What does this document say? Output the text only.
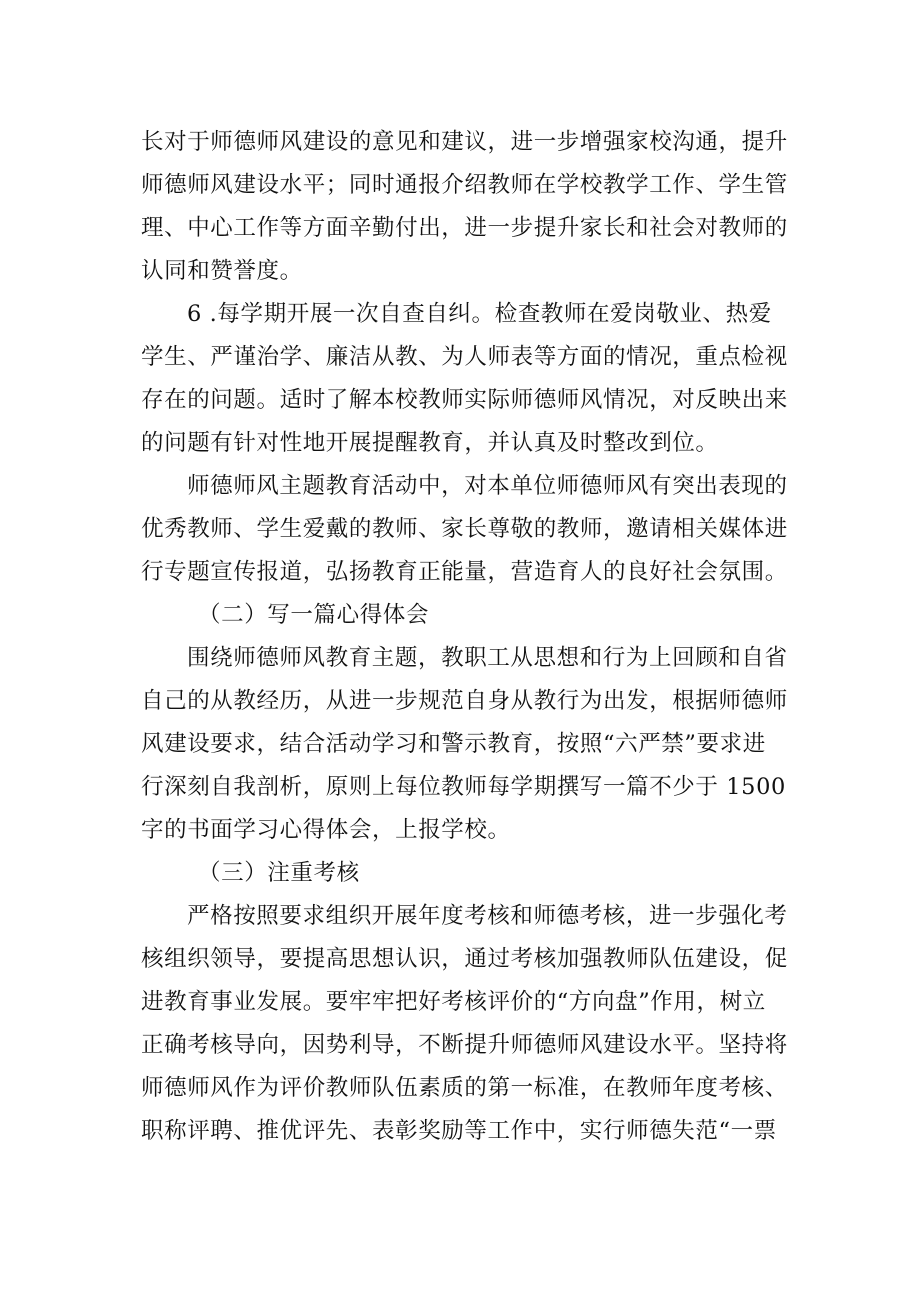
长对于师德师风建设的意见和建议，进一步增强家校沟通，提升
师德师风建设水平；同时通报介绍教师在学校教学工作、学生管
理、中心工作等方面辛勤付出，进一步提升家长和社会对教师的
认同和赞誉度。
6 .每学期开展一次自查自纠。检查教师在爱岗敬业、热爱
学生、严谨治学、廉洁从教、为人师表等方面的情况，重点检视
存在的问题。适时了解本校教师实际师德师风情况，对反映出来
的问题有针对性地开展提醒教育，并认真及时整改到位。
师德师风主题教育活动中，对本单位师德师风有突出表现的
优秀教师、学生爱戴的教师、家长尊敬的教师，邀请相关媒体进
行专题宣传报道，弘扬教育正能量，营造育人的良好社会氛围。
（二）写一篇心得体会
围绕师德师风教育主题，教职工从思想和行为上回顾和自省
自己的从教经历，从进一步规范自身从教行为出发，根据师德师
风建设要求，结合活动学习和警示教育，按照“六严禁”要求进
行深刻自我剖析，原则上每位教师每学期撰写一篇不少于 1500
字的书面学习心得体会，上报学校。
（三）注重考核
严格按照要求组织开展年度考核和师德考核，进一步强化考
核组织领导，要提高思想认识，通过考核加强教师队伍建设，促
进教育事业发展。要牢牢把好考核评价的“方向盘”作用，树立
正确考核导向，因势利导，不断提升师德师风建设水平。坚持将
师德师风作为评价教师队伍素质的第一标准，在教师年度考核、
职称评聘、推优评先、表彰奖励等工作中，实行师德失范“一票
